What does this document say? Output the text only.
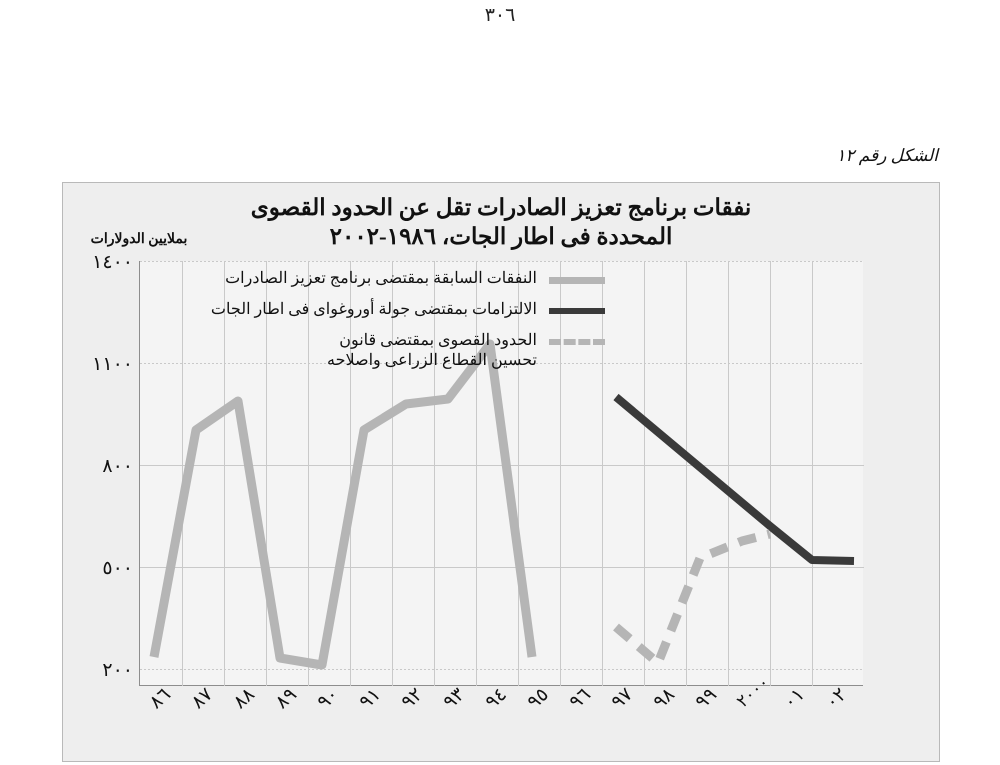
٣٠٦
الشكل رقم ١٢
نفقات برنامج تعزيز الصادرات تقل عن الحدود القصوى
المحددة فى اطار الجات، ١٩٨٦-٢٠٠٢
بملايين الدولارات
١٤٠٠
١١٠٠
٨٠٠
٥٠٠
٢٠٠
النفقات السابقة بمقتضى برنامج تعزيز الصادرات
الالتزامات بمقتضى جولة أوروغواى فى اطار الجات
الحدود القصوى بمقتضى قانون
تحسين القطاع الزراعى واصلاحه
٨٦ ٨٧ ٨٨ ٨٩ ٩٠ ٩١ ٩٢ ٩٣ ٩٤ ٩٥ ٩٦ ٩٧ ٩٨ ٩٩ ٢٠٠٠ ٠١ ٠٢
